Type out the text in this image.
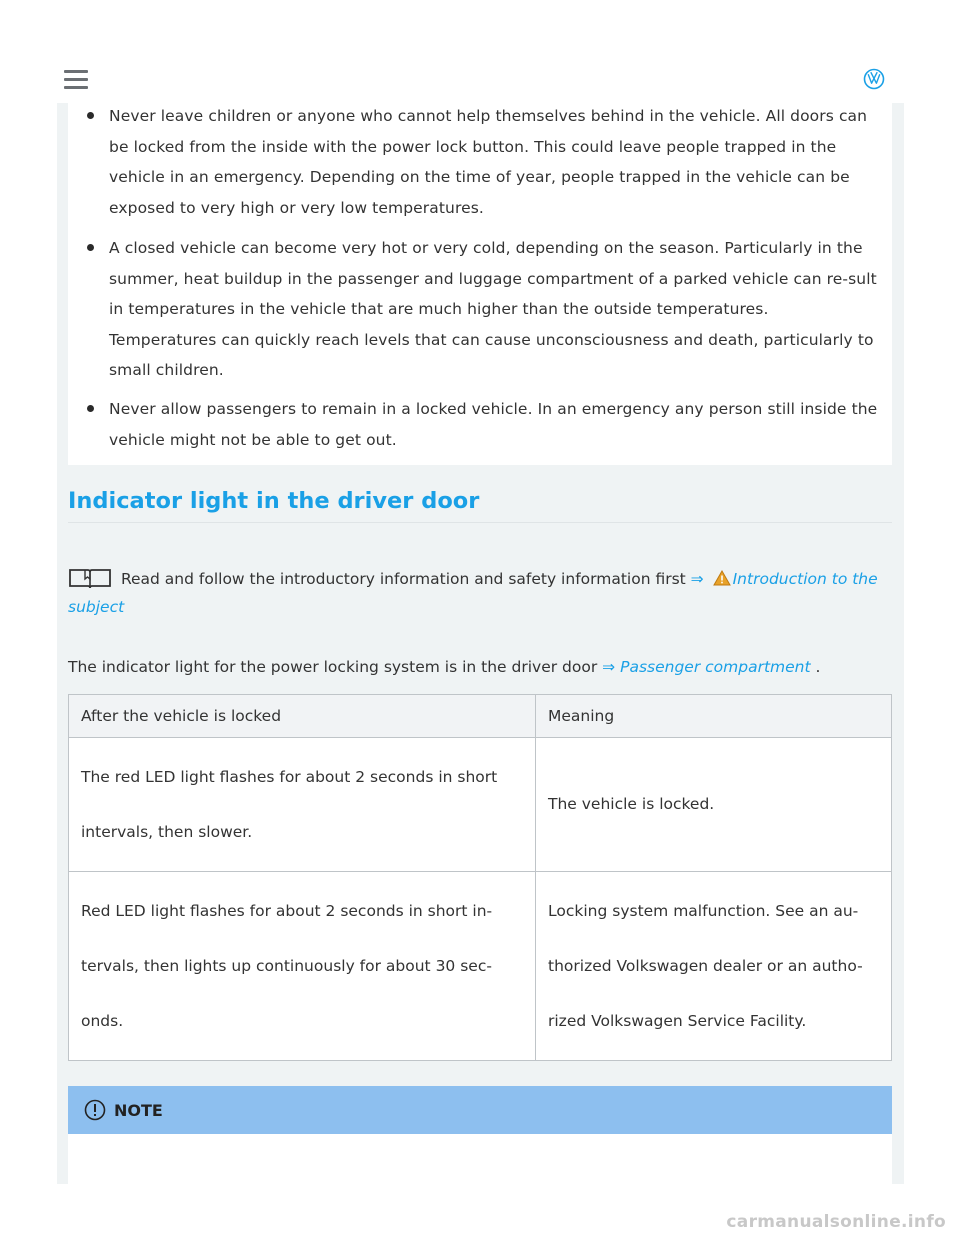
Never leave children or anyone who cannot help themselves behind in the vehicle. All doors can be locked from the inside with the power lock button. This could leave people trapped in the vehicle in an emergency. Depending on the time of year, people trapped in the vehicle can be exposed to very high or very low temperatures.
A closed vehicle can become very hot or very cold, depending on the season. Particularly in the summer, heat buildup in the passenger and luggage compartment of a parked vehicle can re-sult in temperatures in the vehicle that are much higher than the outside temperatures. Temperatures can quickly reach levels that can cause unconsciousness and death, particularly to small children.
Never allow passengers to remain in a locked vehicle. In an emergency any person still inside the vehicle might not be able to get out.
Indicator light in the driver door
Read and follow the introductory information and safety information first ⇒ Introduction to the subject
The indicator light for the power locking system is in the driver door ⇒ Passenger compartment .
After the vehicle is locked	Meaning
The red LED light flashes for about 2 seconds in short intervals, then slower.	The vehicle is locked.
Red LED light flashes for about 2 seconds in short in-tervals, then lights up continuously for about 30 sec-onds.	Locking system malfunction. See an au-thorized Volkswagen dealer or an autho-rized Volkswagen Service Facility.
NOTE
carmanualsonline.info
